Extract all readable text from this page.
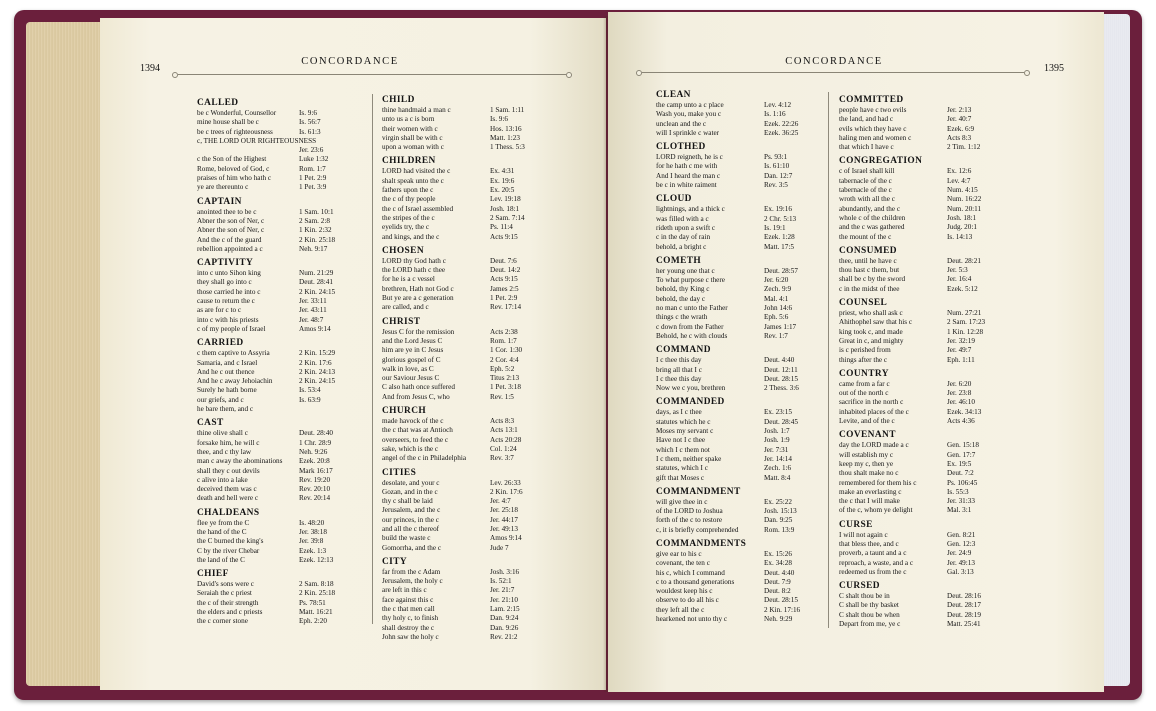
1394
CONCORDANCE
CALLED
be c Wonderful, Counsellor	Is. 9:6
mine house shall be c	Is. 56:7
be c trees of righteousness	Is. 61:3
c, THE LORD OUR RIGHTEOUSNESS
Jer. 23:6
c the Son of the Highest	Luke 1:32
Rome, beloved of God, c	Rom. 1:7
praises of him who hath c	1 Pet. 2:9
ye are thereunto c	1 Pet. 3:9
CAPTAIN
anointed thee to be c	1 Sam. 10:1
Abner the son of Ner, c	2 Sam. 2:8
Abner the son of Ner, c	1 Kin. 2:32
And the c of the guard	2 Kin. 25:18
rebellion appointed a c	Neh. 9:17
CAPTIVITY
into c unto Sihon king	Num. 21:29
they shall go into c	Deut. 28:41
those carried he into c	2 Kin. 24:15
cause to return the c	Jer. 33:11
as are for c to c	Jer. 43:11
into c with his priests	Jer. 48:7
c of my people of Israel	Amos 9:14
CARRIED
c them captive to Assyria	2 Kin. 15:29
Samaria, and c Israel	2 Kin. 17:6
And he c out thence	2 Kin. 24:13
And he c away Jehoiachin	2 Kin. 24:15
Surely he hath borne	Is. 53:4
our griefs, and c	Is. 63:9
he bare them, and c
CAST
thine olive shall c	Deut. 28:40
forsake him, he will c	1 Chr. 28:9
thee, and c thy law	Neh. 9:26
man c away the abominations Ezek. 20:8
shall they c out devils	Mark 16:17
c alive into a lake	Rev. 19:20
deceived them was c	Rev. 20:10
death and hell were c	Rev. 20:14
CHALDEANS
flee ye from the C	Is. 48:20
the hand of the C	Jer. 38:18
the C burned the king's	Jer. 39:8
C by the river Chebar	Ezek. 1:3
the land of the C	Ezek. 12:13
CHIEF
David's sons were c	2 Sam. 8:18
Seraiah the c priest	2 Kin. 25:18
the c of their strength	Ps. 78:51
the elders and c priests	Matt. 16:21
the c corner stone	Eph. 2:20
CHILD
thine handmaid a man c	1 Sam. 1:11
unto us a c is born	Is. 9:6
their women with c	Hos. 13:16
virgin shall be with c	Matt. 1:23
upon a woman with c	1 Thess. 5:3
CHILDREN
LORD had visited the c	Ex. 4:31
shalt speak unto the c	Ex. 19:6
fathers upon the c	Ex. 20:5
the c of thy people	Lev. 19:18
the c of Israel assembled	Josh. 18:1
the stripes of the c	2 Sam. 7:14
eyelids try, the c	Ps. 11:4
and kings, and the c	Acts 9:15
CHOSEN
LORD thy God hath c	Deut. 7:6
the LORD hath c thee	Deut. 14:2
for he is a c vessel	Acts 9:15
brethren, Hath not God c	James 2:5
But ye are a c generation	1 Pet. 2:9
are called, and c	Rev. 17:14
CHRIST
Jesus C for the remission	Acts 2:38
and the Lord Jesus C	Rom. 1:7
him are ye in C Jesus	1 Cor. 1:30
glorious gospel of C	2 Cor. 4:4
walk in love, as C	Eph. 5:2
our Saviour Jesus C	Titus 2:13
C also hath once suffered	1 Pet. 3:18
And from Jesus C, who	Rev. 1:5
CHURCH
made havock of the c	Acts 8:3
the c that was at Antioch	Acts 13:1
overseers, to feed the c	Acts 20:28
sake, which is the c	Col. 1:24
angel of the c in Philadelphia	Rev. 3:7
CITIES
desolate, and your c	Lev. 26:33
Gozan, and in the c	2 Kin. 17:6
thy c shall be laid	Jer. 4:7
Jerusalem, and the c	Jer. 25:18
our princes, in the c	Jer. 44:17
and all the c thereof	Jer. 49:13
build the waste c	Amos 9:14
Gomorrha, and the c	Jude 7
CITY
far from the c Adam	Josh. 3:16
Jerusalem, the holy c	Is. 52:1
are left in this c	Jer. 21:7
face against this c	Jer. 21:10
the c that men call	Lam. 2:15
thy holy c, to finish	Dan. 9:24
shall destroy the c	Dan. 9:26
John saw the holy c	Rev. 21:2
CONCORDANCE
1395
CLEAN
the camp unto a c place	Lev. 4:12
Wash you, make you c	Is. 1:16
unclean and the c	Ezek. 22:26
will I sprinkle c water	Ezek. 36:25
CLOTHED
LORD reigneth, he is c	Ps. 93:1
for he hath c me with	Is. 61:10
And I heard the man c	Dan. 12:7
be c in white raiment	Rev. 3:5
CLOUD
lightnings, and a thick c	Ex. 19:16
was filled with a c	2 Chr. 5:13
rideth upon a swift c	Is. 19:1
c in the day of rain	Ezek. 1:28
behold, a bright c	Matt. 17:5
COMETH
her young one that c	Deut. 28:57
To what purpose c there	Jer. 6:20
behold, thy King c	Zech. 9:9
behold, the day c	Mal. 4:1
no man c unto the Father	John 14:6
things c the wrath	Eph. 5:6
c down from the Father	James 1:17
Behold, he c with clouds	Rev. 1:7
COMMAND
I c thee this day	Deut. 4:40
bring all that I c	Deut. 12:11
I c thee this day	Deut. 28:15
Now we c you, brethren	2 Thess. 3:6
COMMANDED
days, as I c thee	Ex. 23:15
statutes which he c	Deut. 28:45
Moses my servant c	Josh. 1:7
Have not I c thee	Josh. 1:9
which I c them not	Jer. 7:31
I c them, neither spake	Jer. 14:14
statutes, which I c	Zech. 1:6
gift that Moses c	Matt. 8:4
COMMANDMENT
will give thee in c	Ex. 25:22
of the LORD to Joshua	Josh. 15:13
forth of the c to restore	Dan. 9:25
c, it is briefly comprehended	Rom. 13:9
COMMANDMENTS
give ear to his c	Ex. 15:26
covenant, the ten c	Ex. 34:28
his c, which I command	Deut. 4:40
c to a thousand generations	Deut. 7:9
wouldest keep his c	Deut. 8:2
observe to do all his c	Deut. 28:15
they left all the c	2 Kin. 17:16
hearkened not unto thy c	Neh. 9:29
COMMITTED
people have c two evils	Jer. 2:13
the land, and had c	Jer. 40:7
evils which they have c	Ezek. 6:9
haling men and women c	Acts 8:3
that which I have c	2 Tim. 1:12
CONGREGATION
c of Israel shall kill	Ex. 12:6
tabernacle of the c	Lev. 4:7
tabernacle of the c	Num. 4:15
wroth with all the c	Num. 16:22
abundantly, and the c	Num. 20:11
whole c of the children	Josh. 18:1
and the c was gathered	Judg. 20:1
the mount of the c	Is. 14:13
CONSUMED
thee, until he have c	Deut. 28:21
thou hast c them, but	Jer. 5:3
shall be c by the sword	Jer. 16:4
c in the midst of thee	Ezek. 5:12
COUNSEL
priest, who shall ask c	Num. 27:21
Ahithophel saw that his c	2 Sam. 17:23
king took c, and made	1 Kin. 12:28
Great in c, and mighty	Jer. 32:19
is c perished from	Jer. 49:7
things after the c	Eph. 1:11
COUNTRY
came from a far c	Jer. 6:20
out of the north c	Jer. 23:8
sacrifice in the north c	Jer. 46:10
inhabited places of the c	Ezek. 34:13
Levite, and of the c	Acts 4:36
COVENANT
day the LORD made a c	Gen. 15:18
will establish my c	Gen. 17:7
keep my c, then ye	Ex. 19:5
thou shalt make no c	Deut. 7:2
remembered for them his c	Ps. 106:45
make an everlasting c	Is. 55:3
the c that I will make	Jer. 31:33
of the c, whom ye delight	Mal. 3:1
CURSE
I will not again c	Gen. 8:21
that bless thee, and c	Gen. 12:3
proverb, a taunt and a c	Jer. 24:9
reproach, a waste, and a c	Jer. 49:13
redeemed us from the c	Gal. 3:13
CURSED
C shalt thou be in	Deut. 28:16
C shall be thy basket	Deut. 28:17
C shalt thou be when	Deut. 28:19
Depart from me, ye c	Matt. 25:41
